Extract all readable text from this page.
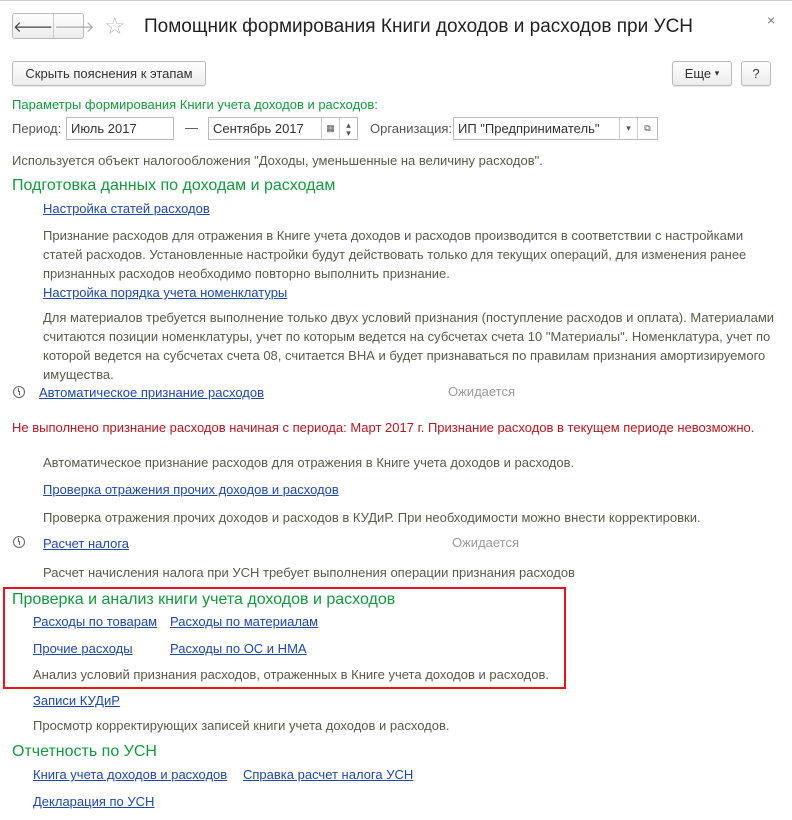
🡐 🡒 ☆ Помощник формирования Книги доходов и расходов при УСН	×
Скрыть пояснения к этапам	Еще
▾	?
Параметры формирования Книги учета доходов и расходов:
Период: Июль 2017	— Сентябрь 2017	▦	▴
▾	Организация: ИП "Предприниматель"	▾	⧉
Используется объект налогообложения "Доходы, уменьшенные на величину расходов".
Подготовка данных по доходам и расходам
Настройка статей расходов
Признание расходов для отражения в Книге учета доходов и расходов производится в соответствии с настройками статей расходов. Установленные настройки будут действовать только для текущих операций, для изменения ранее признанных расходов необходимо повторно выполнить признание.
Настройка порядка учета номенклатуры
Для материалов требуется выполнение только двух условий признания (поступление расходов и оплата). Материалами считаются позиции номенклатуры, учет по которым ведется на субсчетах счета 10 "Материалы". Номенклатура, учет по которой ведется на субсчетах счета 08, считается ВНА и будет признаваться по правилам признания амортизируемого имущества.
Автоматическое признание расходов	Ожидается
Не выполнено признание расходов начиная с периода: Март 2017 г. Признание расходов в текущем периоде невозможно.
Автоматическое признание расходов для отражения в Книге учета доходов и расходов.
Проверка отражения прочих доходов и расходов
Проверка отражения прочих доходов и расходов в КУДиР. При необходимости можно внести корректировки.
Расчет налога	Ожидается
Расчет начисления налога при УСН требует выполнения операции признания расходов
Проверка и анализ книги учета доходов и расходов
Расходы по товарам Расходы по материалам
Прочие расходы	Расходы по ОС и НМА
Анализ условий признания расходов, отраженных в Книге учета доходов и расходов.
Записи КУДиР
Просмотр корректирующих записей книги учета доходов и расходов.
Отчетность по УСН
Книга учета доходов и расходов Справка расчет налога УСН
Декларация по УСН
